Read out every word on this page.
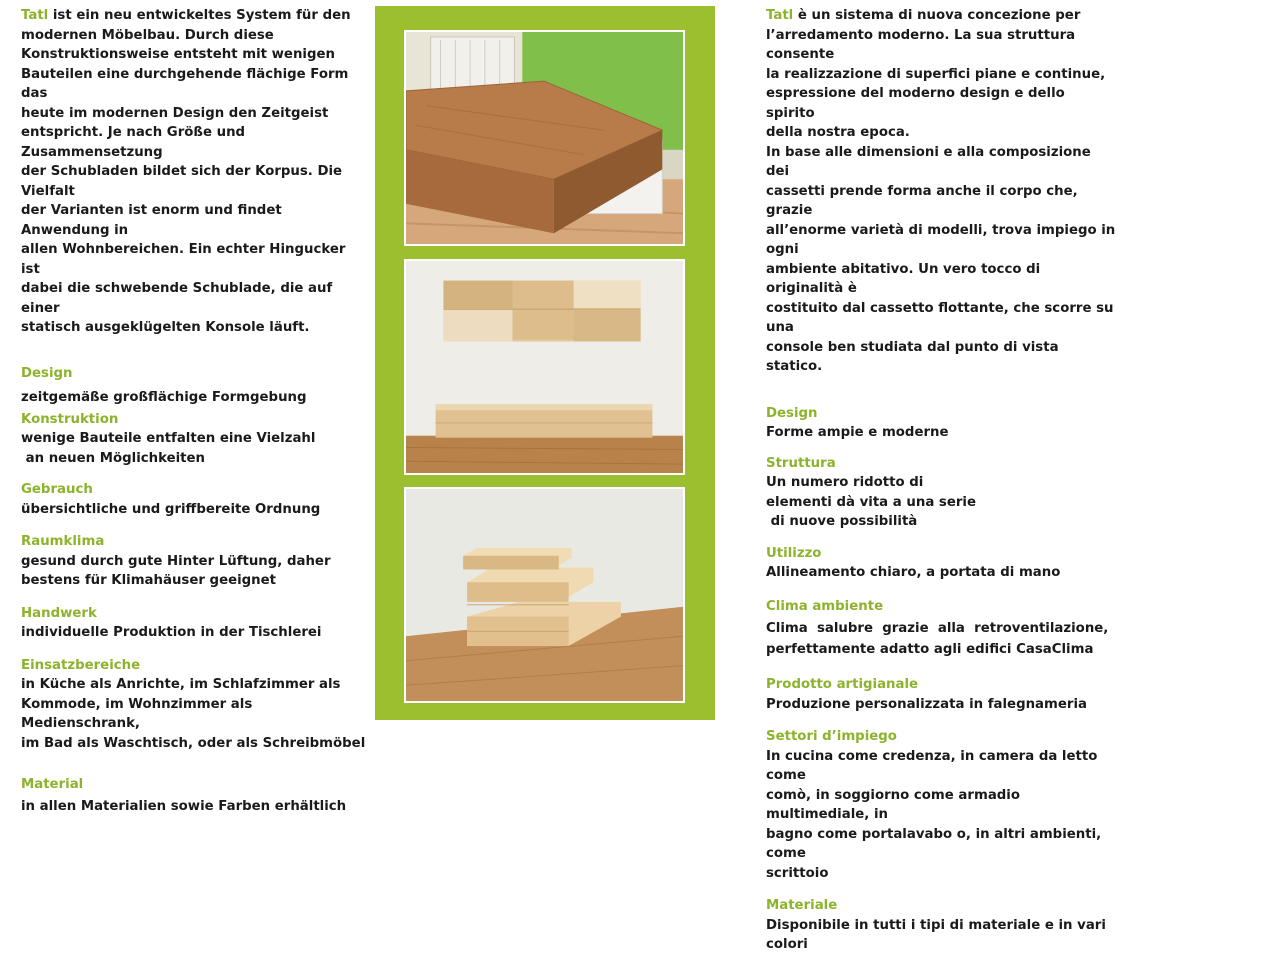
Tatl ist ein neu entwickeltes System für den
modernen Möbelbau. Durch diese
Konstruktionsweise entsteht mit wenigen
Bauteilen eine durchgehende flächige Form das
heute im modernen Design den Zeitgeist
entspricht. Je nach Größe und Zusammensetzung
der Schubladen bildet sich der Korpus. Die Vielfalt
der Varianten ist enorm und findet Anwendung in
allen Wohnbereichen. Ein echter Hingucker ist
dabei die schwebende Schublade, die auf einer
statisch ausgeklügelten Konsole läuft.

Design

zeitgemäße großflächige Formgebung

Konstruktion

wenige Bauteile entfalten eine Vielzahl
an neuen Möglichkeiten

Gebrauch

übersichtliche und griffbereite Ordnung

Raumklima

gesund durch gute Hinter Lüftung, daher
bestens für Klimahäuser geeignet

Handwerk

individuelle Produktion in der Tischlerei

Einsatzbereiche

in Küche als Anrichte, im Schlafzimmer als
Kommode, im Wohnzimmer als Medienschrank,
im Bad als Waschtisch, oder als Schreibmöbel

Material

in allen Materialien sowie Farben erhältlich

Tatl è un sistema di nuova concezione per
l’arredamento moderno. La sua struttura consente
la realizzazione di superfici piane e continue,
espressione del moderno design e dello spirito
della nostra epoca.
In base alle dimensioni e alla composizione dei
cassetti prende forma anche il corpo che, grazie
all’enorme varietà di modelli, trova impiego in ogni
ambiente abitativo. Un vero tocco di originalità è
costituito dal cassetto flottante, che scorre su una
console ben studiata dal punto di vista statico.

Design

Forme ampie e moderne

Struttura

Un numero ridotto di
elementi dà vita a una serie
di nuove possibilità

Utilizzo

Allineamento chiaro, a portata di mano

Clima ambiente

Clima  salubre  grazie  alla  retroventilazione,
perfettamente adatto agli edifici CasaClima

Prodotto artigianale

Produzione personalizzata in falegnameria

Settori d’impiego

In cucina come credenza, in camera da letto come
comò, in soggiorno come armadio multimediale, in
bagno come portalavabo o, in altri ambienti, come
scrittoio

Materiale

Disponibile in tutti i tipi di materiale e in vari colori
